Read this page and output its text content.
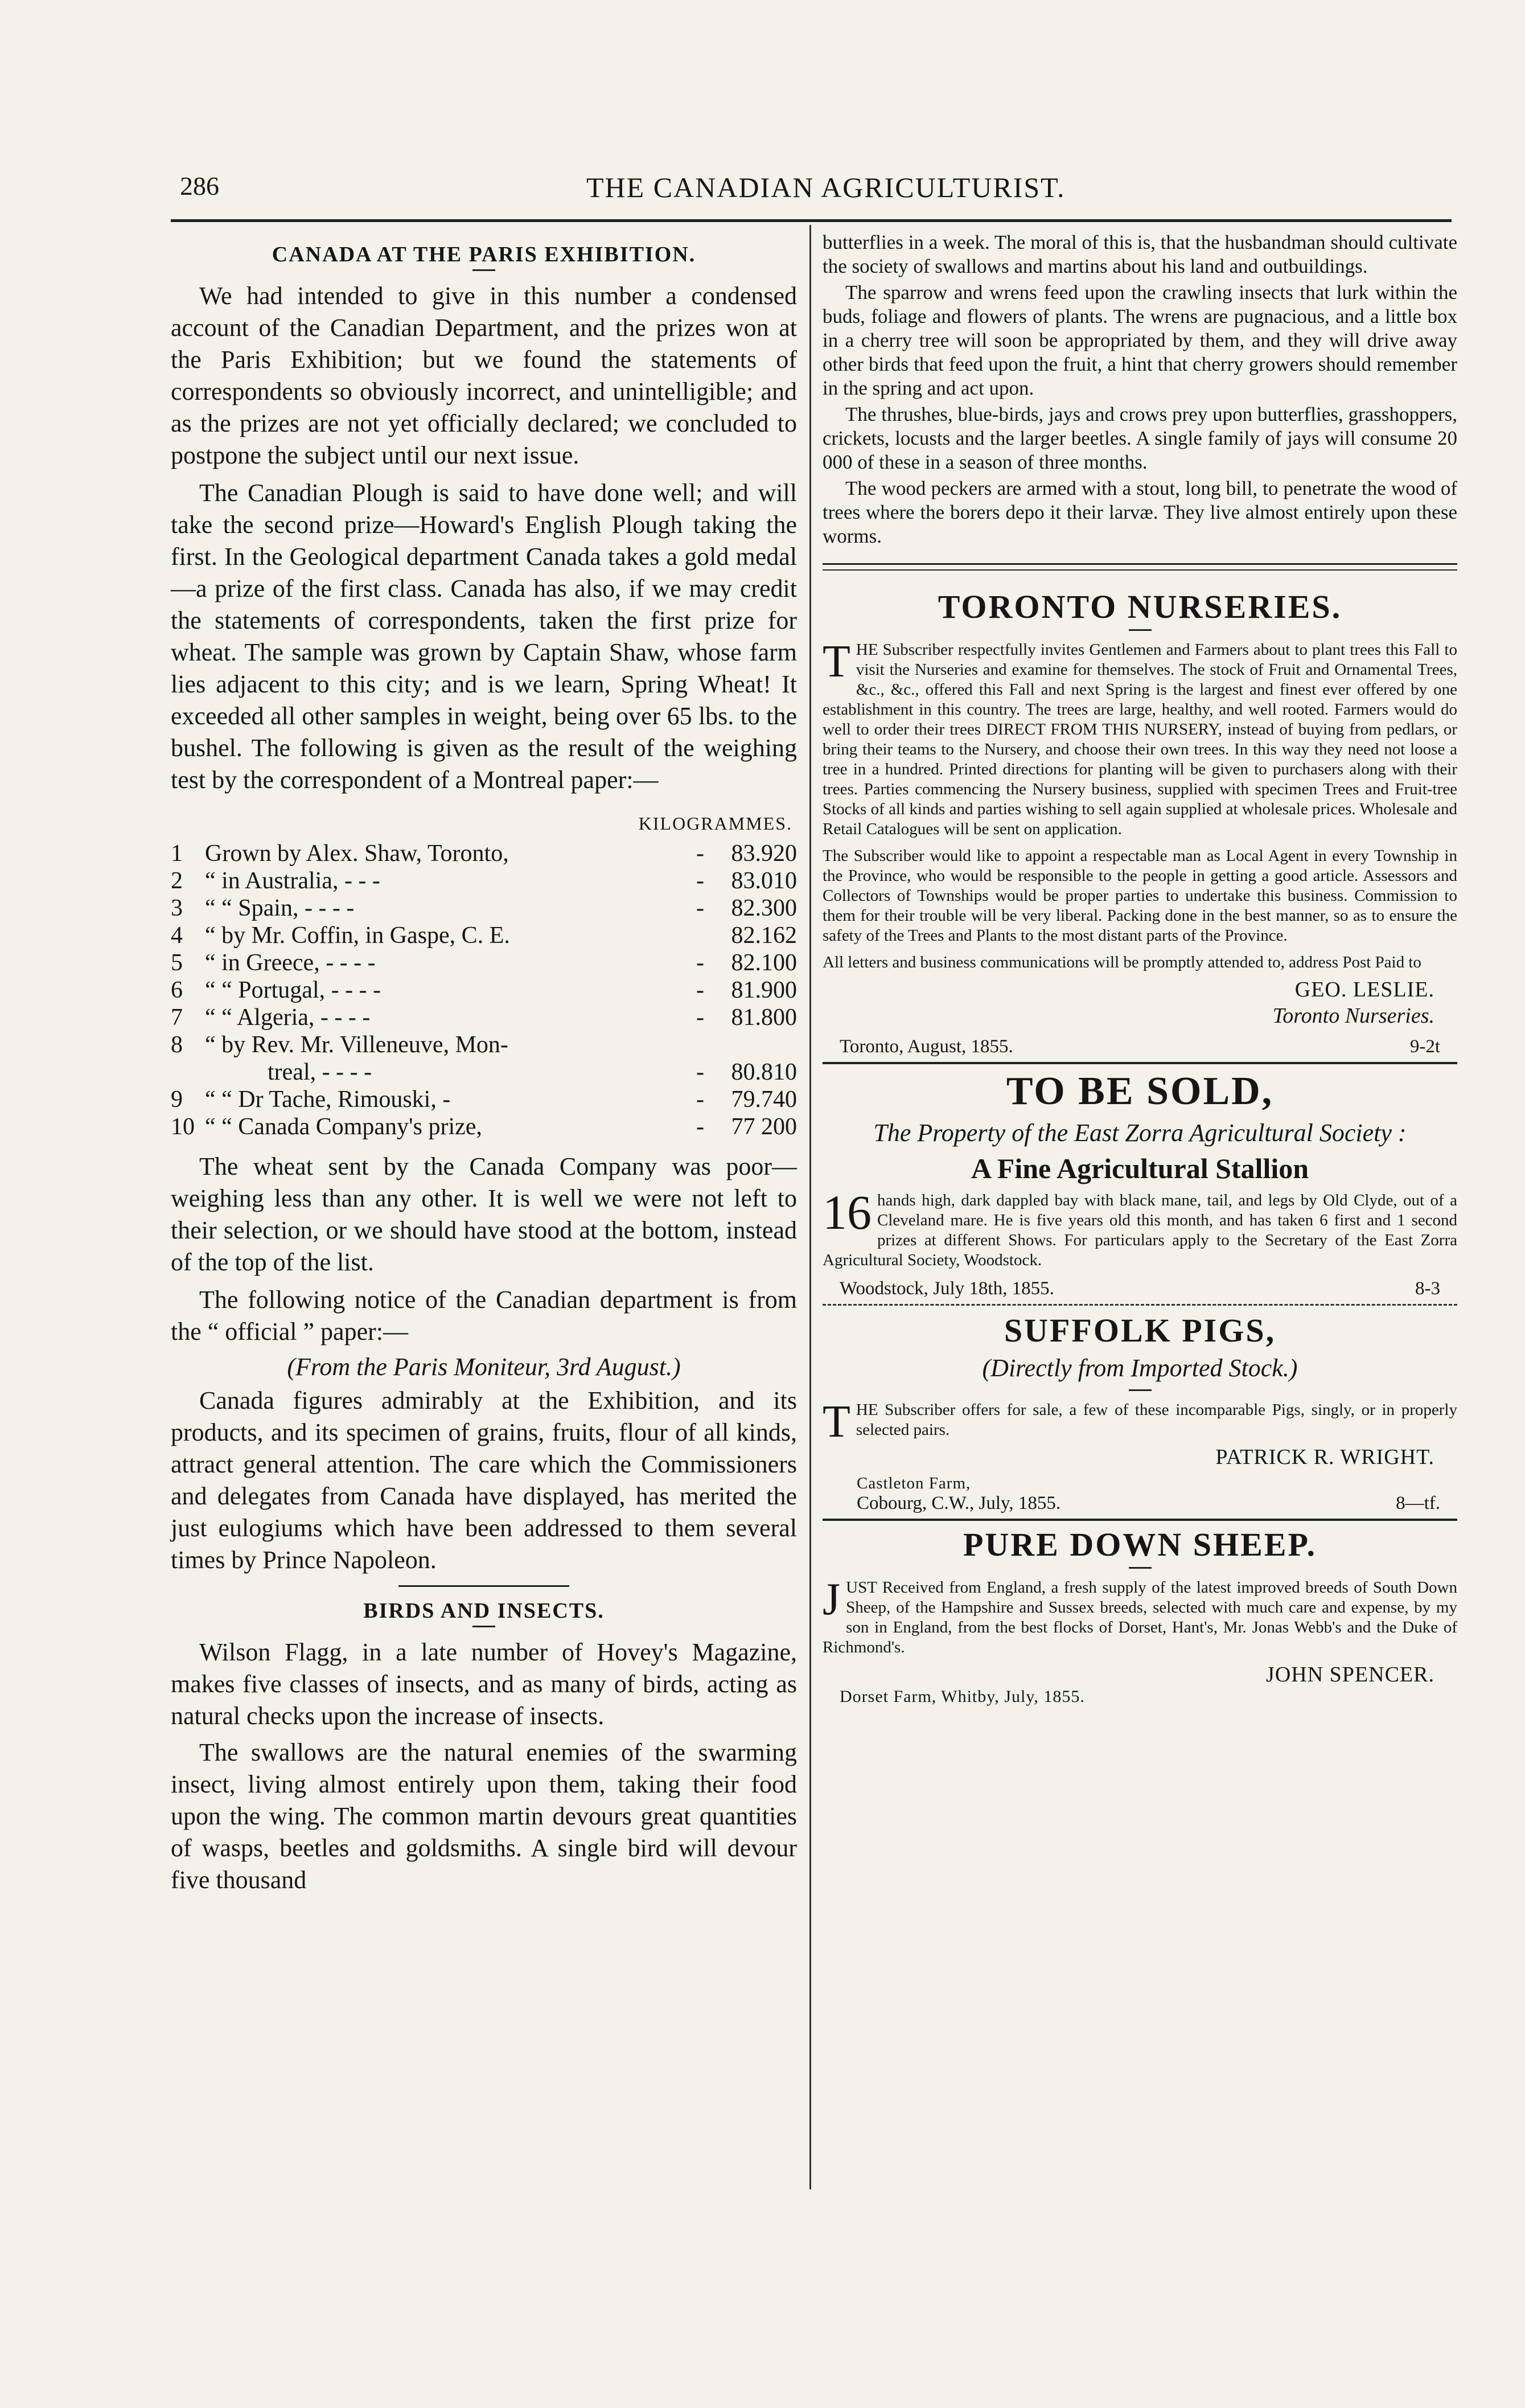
286	THE CANADIAN AGRICULTURIST.
CANADA AT THE PARIS EXHIBITION.

We had intended to give in this number a condensed account of the Canadian Department, and the prizes won at the Paris Exhibition; but we found the statements of correspondents so obviously incorrect, and unintelligible; and as the prizes are not yet officially declared; we concluded to postpone the subject until our next issue.

The Canadian Plough is said to have done well; and will take the second prize—Howard's English Plough taking the first. In the Geological department Canada takes a gold medal—a prize of the first class. Canada has also, if we may credit the statements of correspondents, taken the first prize for wheat. The sample was grown by Captain Shaw, whose farm lies adjacent to this city; and is we learn, Spring Wheat! It exceeded all other samples in weight, being over 65 lbs. to the bushel. The following is given as the result of the weighing test by the correspondent of a Montreal paper:—

KILOGRAMMES.
1	Grown by Alex. Shaw, Toronto,	-	83.920
2	“ in Australia, - - -	-	83.010
3	“ “ Spain, - - - -	-	82.300
4	“ by Mr. Coffin, in Gaspe, C. E.		82.162
5	“ in Greece, - - - -	-	82.100
6	“ “ Portugal, - - - -	-	81.900
7	“ “ Algeria, - - - -	-	81.800
8	“ by Rev. Mr. Villeneuve, Mon-		
	treal, - - - -	-	80.810
9	“ “ Dr Tache, Rimouski, -	-	79.740
10	“ “ Canada Company's prize,	-	77 200

The wheat sent by the Canada Company was poor—weighing less than any other. It is well we were not left to their selection, or we should have stood at the bottom, instead of the top of the list.

The following notice of the Canadian department is from the “ official ” paper:—

(From the Paris Moniteur, 3rd August.)

Canada figures admirably at the Exhibition, and its products, and its specimen of grains, fruits, flour of all kinds, attract general attention. The care which the Commissioners and delegates from Canada have displayed, has merited the just eulogiums which have been addressed to them several times by Prince Napoleon.

BIRDS AND INSECTS.

Wilson Flagg, in a late number of Hovey's Magazine, makes five classes of insects, and as many of birds, acting as natural checks upon the increase of insects.

The swallows are the natural enemies of the swarming insect, living almost entirely upon them, taking their food upon the wing. The common martin devours great quantities of wasps, beetles and goldsmiths. A single bird will devour five thousand

butterflies in a week. The moral of this is, that the husbandman should cultivate the society of swallows and martins about his land and outbuildings.

The sparrow and wrens feed upon the crawling insects that lurk within the buds, foliage and flowers of plants. The wrens are pugnacious, and a little box in a cherry tree will soon be appropriated by them, and they will drive away other birds that feed upon the fruit, a hint that cherry growers should remember in the spring and act upon.

The thrushes, blue-birds, jays and crows prey upon butterflies, grasshoppers, crickets, locusts and the larger beetles. A single family of jays will consume 20 000 of these in a season of three months.

The wood peckers are armed with a stout, long bill, to penetrate the wood of trees where the borers depo it their larvæ. They live almost entirely upon these worms.

TORONTO NURSERIES.

THE Subscriber respectfully invites Gentlemen and Farmers about to plant trees this Fall to visit the Nurseries and examine for themselves. The stock of Fruit and Ornamental Trees, &c., &c., offered this Fall and next Spring is the largest and finest ever offered by one establishment in this country. The trees are large, healthy, and well rooted. Farmers would do well to order their trees DIRECT FROM THIS NURSERY, instead of buying from pedlars, or bring their teams to the Nursery, and choose their own trees. In this way they need not loose a tree in a hundred. Printed directions for planting will be given to purchasers along with their trees. Parties commencing the Nursery business, supplied with specimen Trees and Fruit-tree Stocks of all kinds and parties wishing to sell again supplied at wholesale prices. Wholesale and Retail Catalogues will be sent on application.

The Subscriber would like to appoint a respectable man as Local Agent in every Township in the Province, who would be responsible to the people in getting a good article. Assessors and Collectors of Townships would be proper parties to undertake this business. Commission to them for their trouble will be very liberal. Packing done in the best manner, so as to ensure the safety of the Trees and Plants to the most distant parts of the Province.

All letters and business communications will be promptly attended to, address Post Paid to

GEO. LESLIE.
Toronto Nurseries.
Toronto, August, 1855.	9-2t
TO BE SOLD,
The Property of the East Zorra Agricultural Society :
A Fine Agricultural Stallion

16 hands high, dark dappled bay with black mane, tail, and legs by Old Clyde, out of a Cleveland mare. He is five years old this month, and has taken 6 first and 1 second prizes at different Shows. For particulars apply to the Secretary of the East Zorra Agricultural Society, Woodstock.

Woodstock, July 18th, 1855.	8-3
SUFFOLK PIGS,
(Directly from Imported Stock.)

THE Subscriber offers for sale, a few of these incomparable Pigs, singly, or in properly selected pairs.

PATRICK R. WRIGHT.
Castleton Farm,
Cobourg, C.W., July, 1855.	8—tf.
PURE DOWN SHEEP.

JUST Received from England, a fresh supply of the latest improved breeds of South Down Sheep, of the Hampshire and Sussex breeds, selected with much care and expense, by my son in England, from the best flocks of Dorset, Hant's, Mr. Jonas Webb's and the Duke of Richmond's.

JOHN SPENCER.
Dorset Farm, Whitby, July, 1855.
